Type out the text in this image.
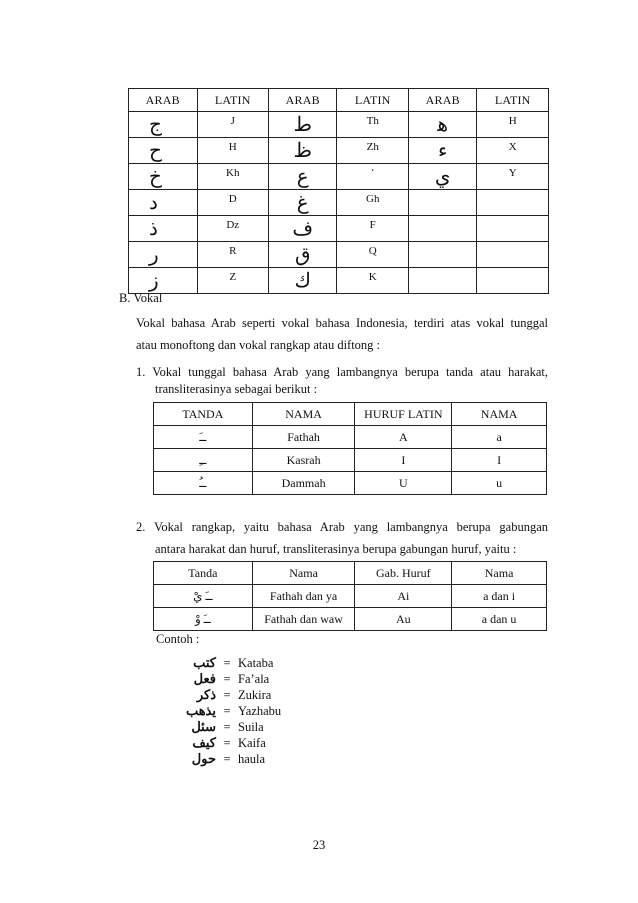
ARAB	LATIN	ARAB	LATIN	ARAB	LATIN
ج	J	ط	Th	ﮬ	H
ح	H	ظ	Zh	ء	X
خ	Kh	ع	'	ي	Y
د	D	غ	Gh		
ذ	Dz	ف	F		
ر	R	ق	Q		
ز	Z	ك	K		
B. Vokal
Vokal bahasa Arab seperti vokal bahasa Indonesia, terdiri atas vokal tunggal
atau monoftong dan vokal rangkap atau diftong :
1. Vokal tunggal bahasa Arab yang lambangnya berupa tanda atau harakat,
transliterasinya sebagai berikut :
TANDA	NAMA	HURUF LATIN	NAMA
ــَ	Fathah	A	a
ــِ	Kasrah	I	I
ــُ	Dammah	U	u
2. Vokal rangkap, yaitu bahasa Arab yang lambangnya berupa gabungan
antara harakat dan huruf, transliterasinya berupa gabungan huruf, yaitu :
Tanda	Nama	Gab. Huruf	Nama
ــَ يْ	Fathah dan ya	Ai	a dan i
ــَ وْ	Fathah dan waw	Au	a dan u
Contoh :
كتب = Kataba
فعل = Fa’ala
ذكر = Zukira
يذهب = Yazhabu
سئل = Suila
كيف = Kaifa
حول = haula
23
